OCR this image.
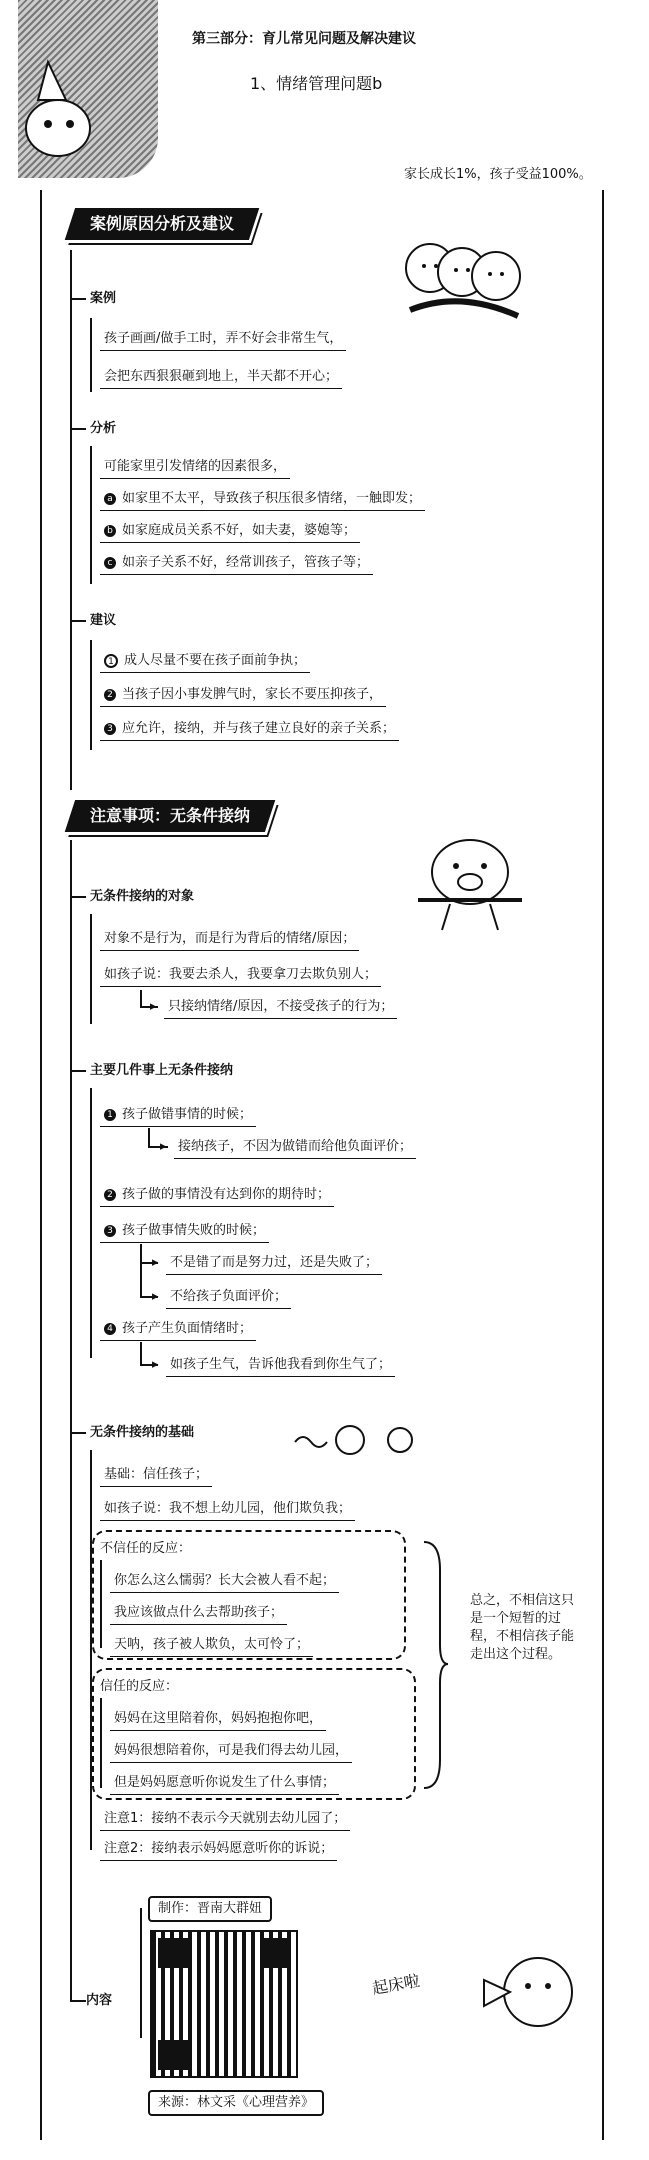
第三部分：育儿常见问题及解决建议
1、情绪管理问题b
家长成长1%，孩子受益100%。
案例原因分析及建议
案例
孩子画画/做手工时，弄不好会非常生气，
会把东西狠狠砸到地上，半天都不开心；
分析
可能家里引发情绪的因素很多，
a 如家里不太平，导致孩子积压很多情绪，一触即发；
b 如家庭成员关系不好，如夫妻，婆媳等；
c 如亲子关系不好，经常训孩子，管孩子等；
建议
1 成人尽量不要在孩子面前争执；
2 当孩子因小事发脾气时，家长不要压抑孩子，
3 应允许，接纳，并与孩子建立良好的亲子关系；
注意事项：无条件接纳
无条件接纳的对象
对象不是行为，而是行为背后的情绪/原因；
如孩子说：我要去杀人，我要拿刀去欺负别人；
▸ 只接纳情绪/原因，不接受孩子的行为；
主要几件事上无条件接纳
1 孩子做错事情的时候；
▸ 接纳孩子，不因为做错而给他负面评价；
2 孩子做的事情没有达到你的期待时；
3 孩子做事情失败的时候；
▸ 不是错了而是努力过，还是失败了；
▸ 不给孩子负面评价；
4 孩子产生负面情绪时；
▸ 如孩子生气，告诉他我看到你生气了；
无条件接纳的基础
基础：信任孩子；
如孩子说：我不想上幼儿园，他们欺负我；
不信任的反应：
你怎么这么懦弱？长大会被人看不起；
我应该做点什么去帮助孩子；
天呐，孩子被人欺负，太可怜了；
信任的反应：
妈妈在这里陪着你，妈妈抱抱你吧，
妈妈很想陪着你，可是我们得去幼儿园，
但是妈妈愿意听你说发生了什么事情；
总之，不相信这只是一个短暂的过程，不相信孩子能走出这个过程。
注意1：接纳不表示今天就别去幼儿园了；
注意2：接纳表示妈妈愿意听你的诉说；
内容
制作：晋南大群妞
来源：林文采《心理营养》
起床啦
